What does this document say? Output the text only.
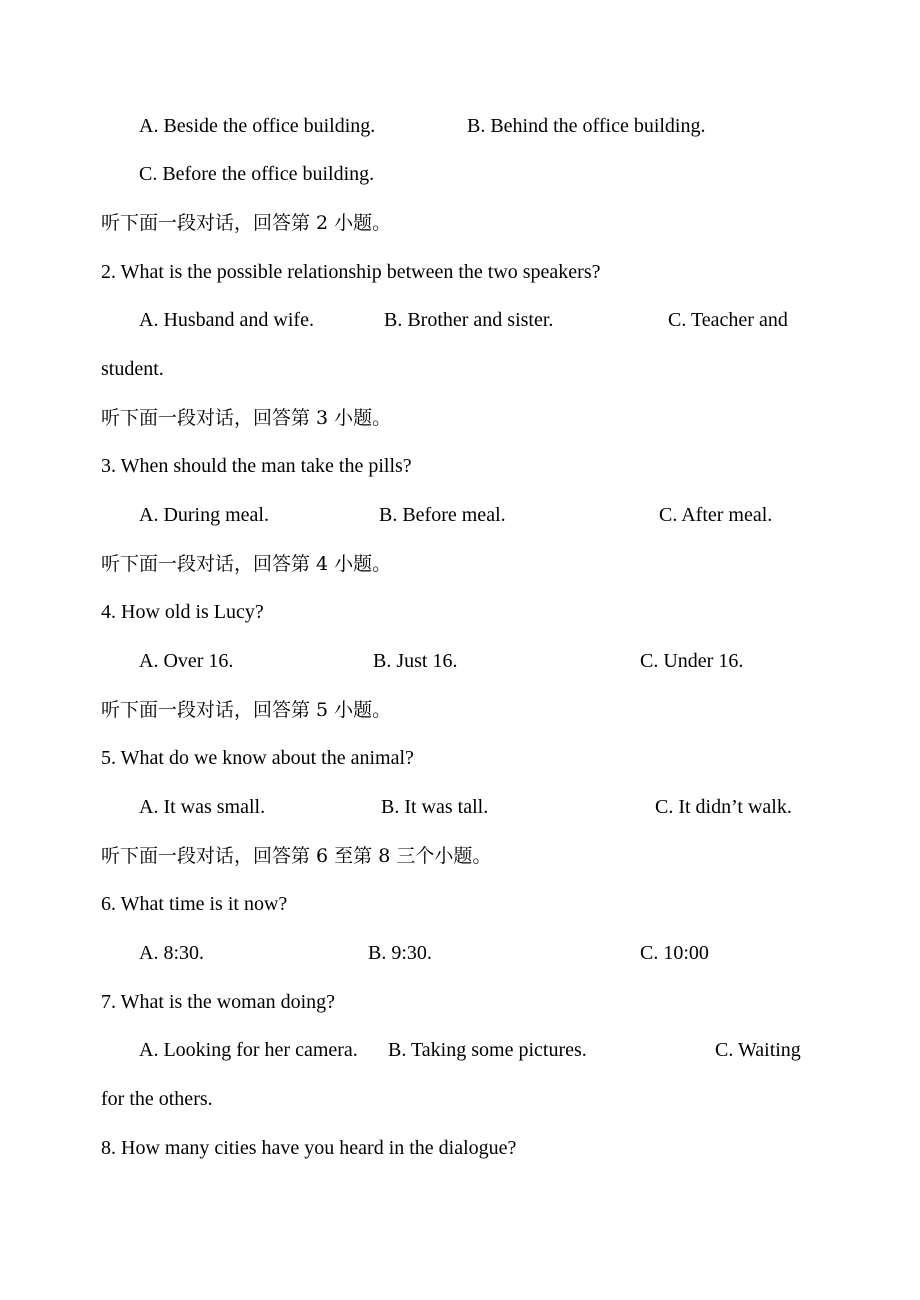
A. Beside the office building.	B. Behind the office building.
C. Before the office building.
听下面一段对话，回答第 2 小题。
2. What is the possible relationship between the two speakers?
A. Husband and wife.	B. Brother and sister.	C. Teacher and
student.
听下面一段对话，回答第 3 小题。
3. When should the man take the pills?
A. During meal.	B. Before meal.	C. After meal.
听下面一段对话，回答第 4 小题。
4. How old is Lucy?
A. Over 16.	B. Just 16.	C. Under 16.
听下面一段对话，回答第 5 小题。
5. What do we know about the animal?
A. It was small.	B. It was tall.	C. It didn’t walk.
听下面一段对话，回答第 6 至第 8 三个小题。
6. What time is it now?
A. 8:30.	B. 9:30.	C. 10:00
7. What is the woman doing?
A. Looking for her camera. B. Taking some pictures.	C. Waiting
for the others.
8. How many cities have you heard in the dialogue?
